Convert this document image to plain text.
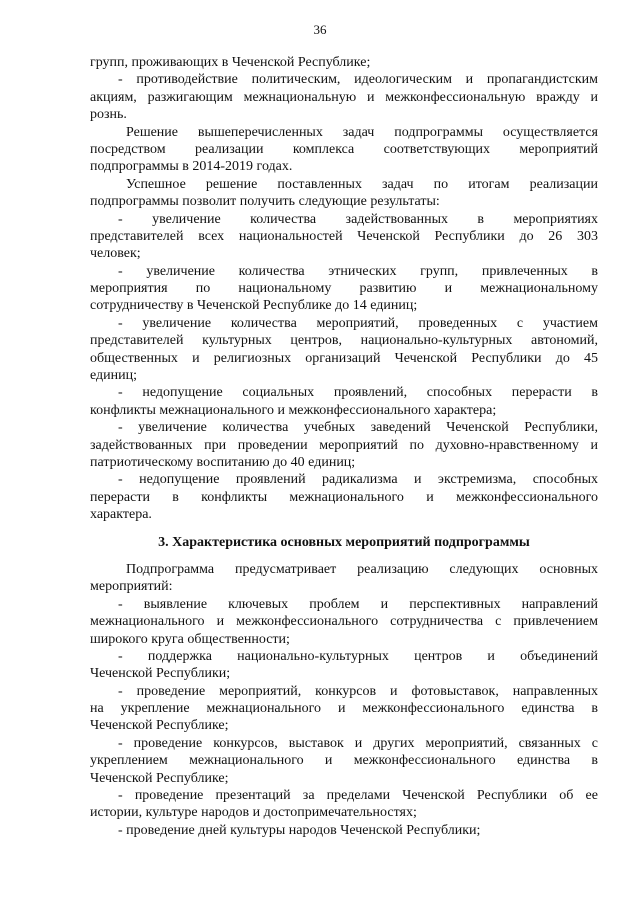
36
групп, проживающих в Чеченской Республике;
- противодействие политическим, идеологическим и пропагандистским
акциям, разжигающим межнациональную и межконфессиональную вражду и
рознь.
Решение вышеперечисленных задач подпрограммы осуществляется
посредством реализации комплекса соответствующих мероприятий
подпрограммы в 2014-2019 годах.
Успешное решение поставленных задач по итогам реализации
подпрограммы позволит получить следующие результаты:
- увеличение количества задействованных в мероприятиях
представителей всех национальностей Чеченской Республики до 26 303
человек;
- увеличение количества этнических групп, привлеченных в
мероприятия по национальному развитию и межнациональному
сотрудничеству в Чеченской Республике до 14 единиц;
- увеличение количества мероприятий, проведенных с участием
представителей культурных центров, национально-культурных автономий,
общественных и религиозных организаций Чеченской Республики до 45
единиц;
- недопущение социальных проявлений, способных перерасти в
конфликты межнационального и межконфессионального характера;
- увеличение количества учебных заведений Чеченской Республики,
задействованных при проведении мероприятий по духовно-нравственному и
патриотическому воспитанию до 40 единиц;
- недопущение проявлений радикализма и экстремизма, способных
перерасти в конфликты межнационального и межконфессионального
характера.
3. Характеристика основных мероприятий подпрограммы
Подпрограмма предусматривает реализацию следующих основных
мероприятий:
- выявление ключевых проблем и перспективных направлений
межнационального и межконфессионального сотрудничества с привлечением
широкого круга общественности;
- поддержка национально-культурных центров и объединений
Чеченской Республики;
- проведение мероприятий, конкурсов и фотовыставок, направленных
на укрепление межнационального и межконфессионального единства в
Чеченской Республике;
- проведение конкурсов, выставок и других мероприятий, связанных с
укреплением межнационального и межконфессионального единства в
Чеченской Республике;
- проведение презентаций за пределами Чеченской Республики об ее
истории, культуре народов и достопримечательностях;
- проведение дней культуры народов Чеченской Республики;
